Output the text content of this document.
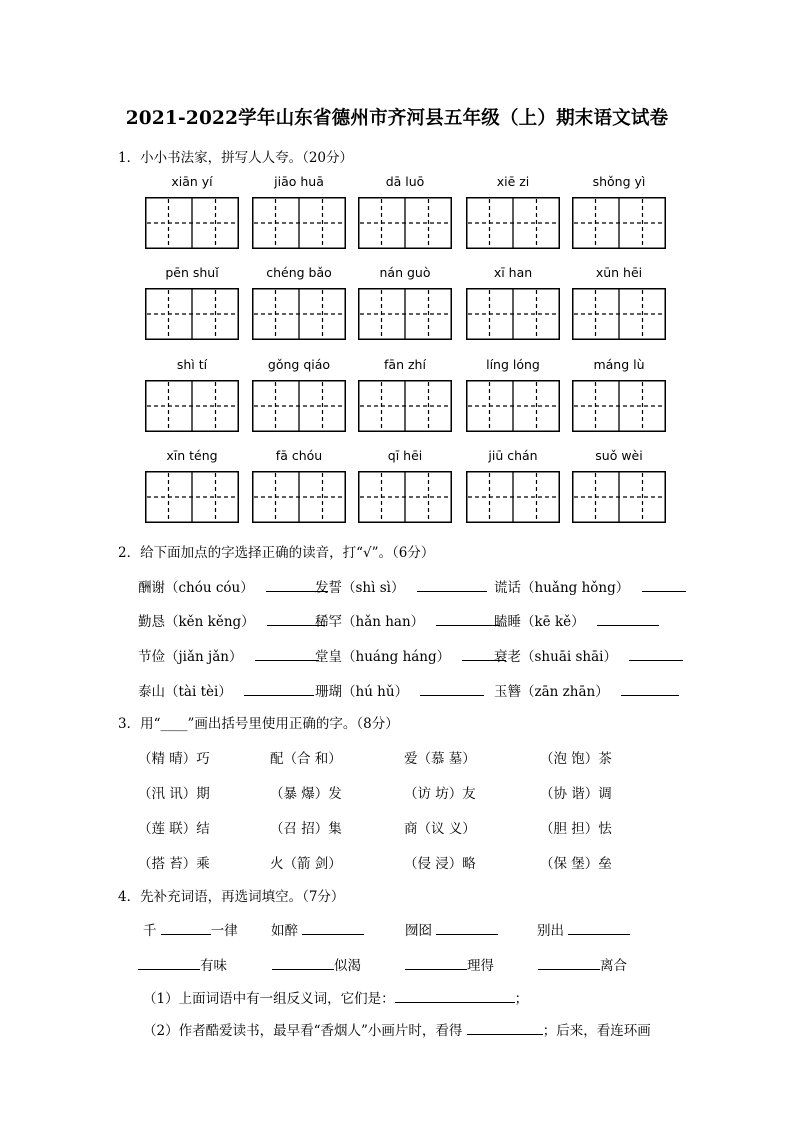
2021-2022学年山东省德州市齐河县五年级（上）期末语文试卷
1．小小书法家，拼写人人夸。（20分）
xiān yí	jiāo huā	dā luō	xiē zi	shǒng yì
pēn shuǐ	chéng bǎo	nán guò	xī han	xūn hēi
shì tí	gǒng qiáo	fān zhí	líng lóng	máng lù
xīn téng	fā chóu	qī hēi	jiū chán	suǒ wèi
2．给下面加点的字选择正确的读音，打“√”。（6分）
酬谢（chóu cóu）	发誓（shì sì）	谎话（huǎng hǒng）
勤恳（kěn kěng）	稀罕（hǎn han）	瞌睡（kē kě）
节俭（jiǎn jǎn）	堂皇（huáng háng）	衰老（shuāi shāi）
泰山（tài tèi）	珊瑚（hú hǔ）	玉簪（zān zhān）
3．用“____”画出括号里使用正确的字。（8分）
（精 晴）巧	配（合 和）	爱（慕 墓）	（泡 饱）茶
（汛 讯）期	（暴 爆）发	（访 坊）友	（协 谐）调
（莲 联）结	（召 招）集	商（议 义）	（胆 担）怯
（搭 苔）乘	火（箭 剑）	（侵 浸）略	（保 堡）垒
4．先补充词语，再选词填空。（7分）
千	一律 如醉	囫囵	别出
有味	似渴	理得	离合
（1）上面词语中有一组反义词，它们是：	；
（2）作者酷爱读书，最早看“香烟人”小画片时，看得	；后来，看连环画
